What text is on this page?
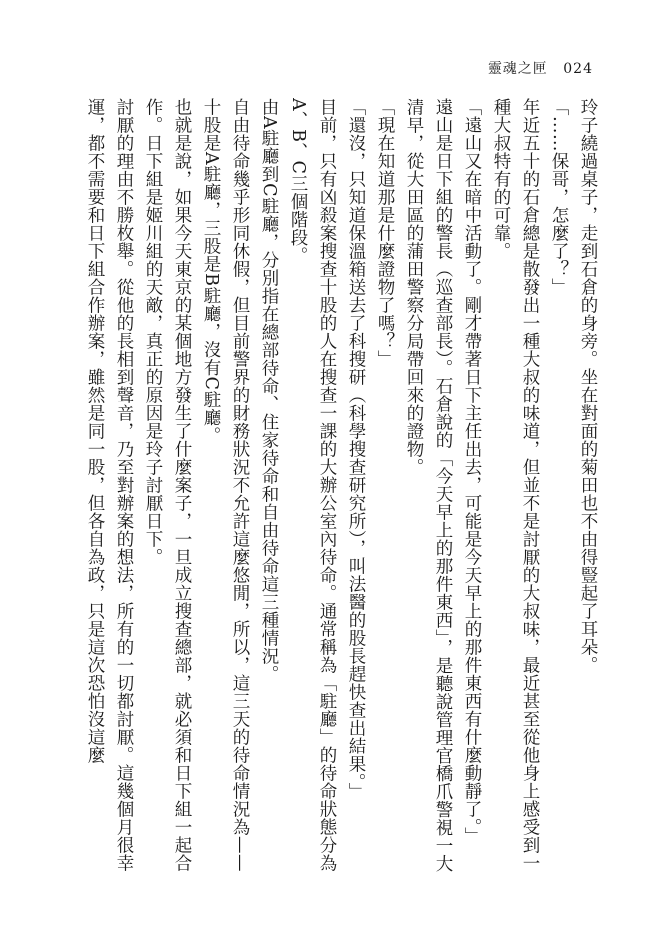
靈魂之匣 024

玲子繞過桌子，走到石倉的身旁。坐在對面的菊田也不由得豎起了耳朵。

「……保哥，怎麼了？」

年近五十的石倉總是散發出一種大叔的味道，但並不是討厭的大叔味，最近甚至從他身上感受到一種大叔特有的可靠。

「遠山又在暗中活動了。剛才帶著日下主任出去，可能是今天早上的那件東西有什麼動靜了。」

遠山是日下組的警長（巡查部長）。石倉說的「今天早上的那件東西」，是聽說管理官橋爪警視一大清早，從大田區的蒲田警察分局帶回來的證物。

「現在知道那是什麼證物了嗎？」

「還沒，只知道保溫箱送去了科搜研（科學搜查研究所），叫法醫的股長趕快查出結果。」

目前，只有凶殺案搜查十股的人在搜查一課的大辦公室內待命。通常稱為「駐廳」的待命狀態分為A、B、C三個階段。

由A駐廳到C駐廳，分別指在總部待命、住家待命和自由待命這三種情況。

自由待命幾乎形同休假，但目前警界的財務狀況不允許這麼悠閒，所以，這三天的待命情況為——十股是A駐廳，三股是B駐廳，沒有C駐廳。

也就是說，如果今天東京的某個地方發生了什麼案子，一旦成立搜查總部，就必須和日下組一起合作。日下組是姬川組的天敵，真正的原因是玲子討厭日下。

討厭的理由不勝枚舉。從他的長相到聲音，乃至對辦案的想法，所有的一切都討厭。這幾個月很幸運，都不需要和日下組合作辦案，雖然是同一股，但各自為政，只是這次恐怕沒這麼
